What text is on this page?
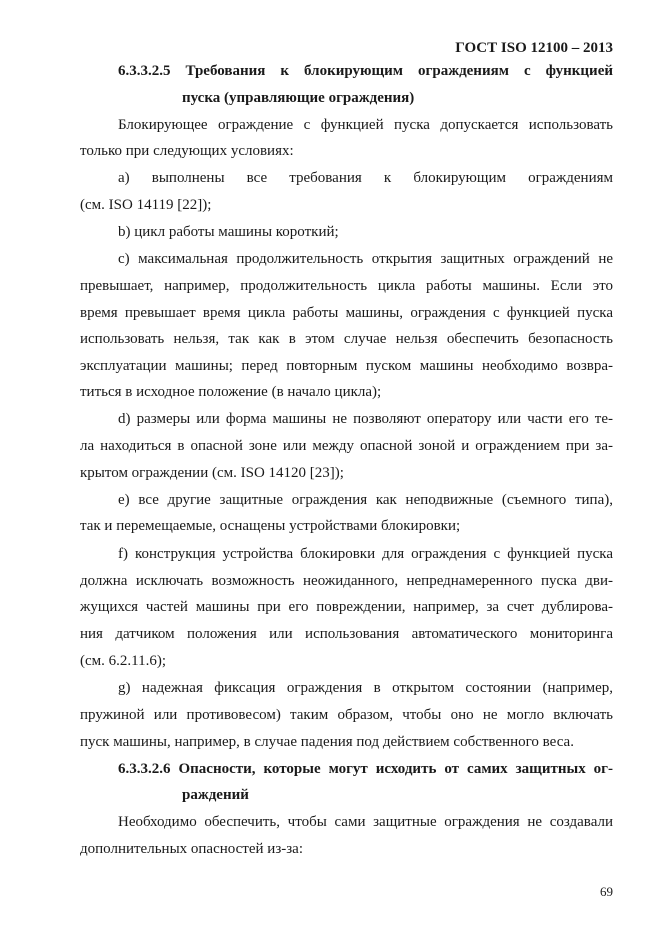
ГОСТ ISO 12100 – 2013
6.3.3.2.5 Требования к блокирующим ограждениям с функцией
пуска (управляющие ограждения)
Блокирующее ограждение с функцией пуска допускается использовать
только при следующих условиях:
a) выполнены все требования к блокирующим ограждениям
(см. ISO 14119 [22]);
b) цикл работы машины короткий;
c) максимальная продолжительность открытия защитных ограждений не
превышает, например, продолжительность цикла работы машины. Если это
время превышает время цикла работы машины, ограждения с функцией пуска
использовать нельзя, так как в этом случае нельзя обеспечить безопасность
эксплуатации машины; перед повторным пуском машины необходимо возвра-
титься в исходное положение (в начало цикла);
d) размеры или форма машины не позволяют оператору или части его те-
ла находиться в опасной зоне или между опасной зоной и ограждением при за-
крытом ограждении (см. ISO 14120 [23]);
e) все другие защитные ограждения как неподвижные (съемного типа),
так и перемещаемые, оснащены устройствами блокировки;
f) конструкция устройства блокировки для ограждения с функцией пуска
должна исключать возможность неожиданного, непреднамеренного пуска дви-
жущихся частей машины при его повреждении, например, за счет дублирова-
ния датчиком положения или использования автоматического мониторинга
(см. 6.2.11.6);
g) надежная фиксация ограждения в открытом состоянии (например,
пружиной или противовесом) таким образом, чтобы оно не могло включать
пуск машины, например, в случае падения под действием собственного веса.
6.3.3.2.6 Опасности, которые могут исходить от самих защитных ог-
раждений
Необходимо обеспечить, чтобы сами защитные ограждения не создавали
дополнительных опасностей из-за:
69
